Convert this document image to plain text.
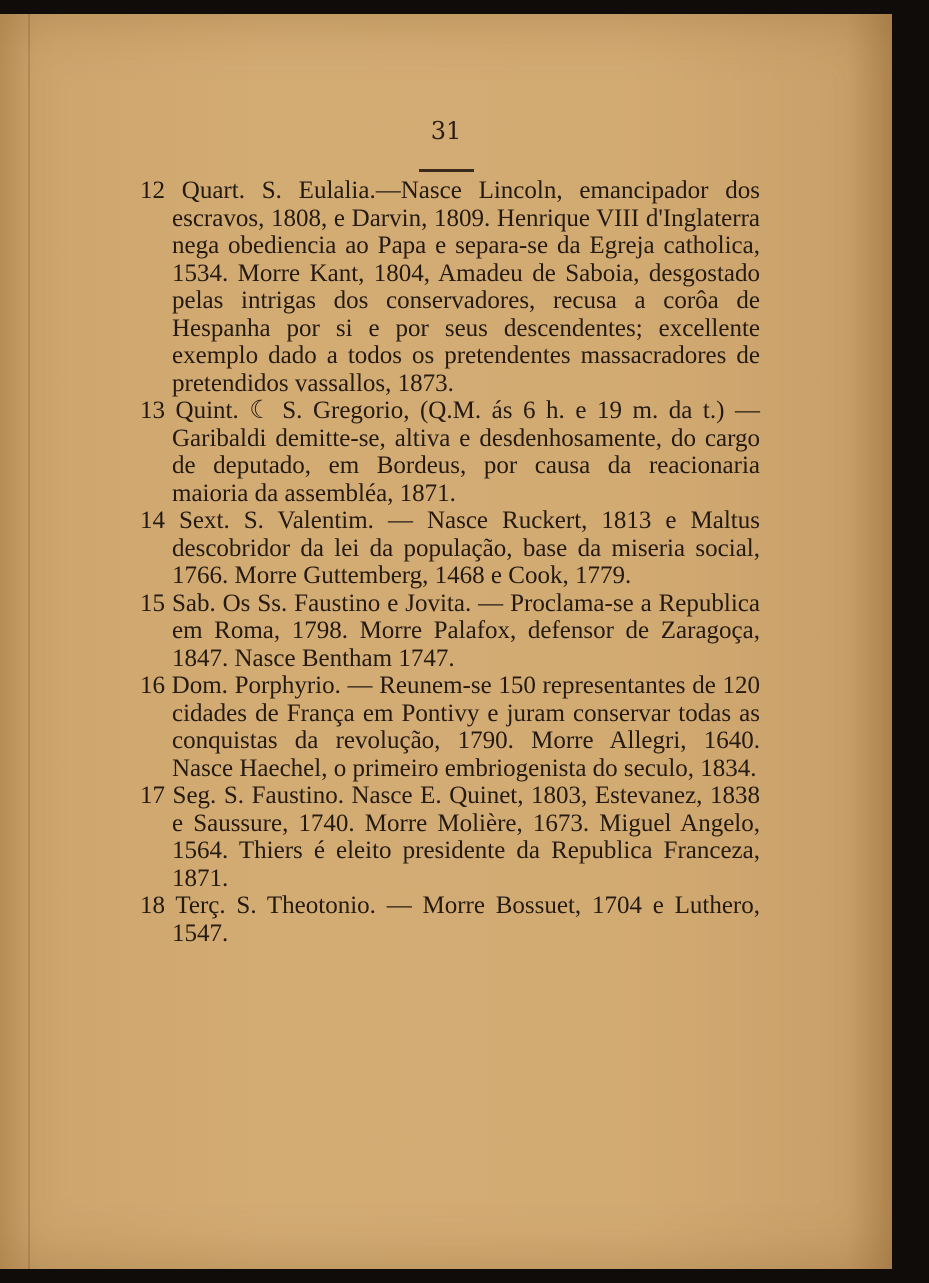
31

12 Quart. S. Eulalia.—Nasce Lincoln, emancipador dos escravos, 1808, e Darvin, 1809. Henrique VIII d'Inglaterra nega obediencia ao Papa e separa-se da Egreja catholica, 1534. Morre Kant, 1804, Amadeu de Saboia, desgostado pelas intrigas dos conservadores, recusa a corôa de Hespanha por si e por seus descendentes; excellente exemplo dado a todos os pretendentes massacradores de pretendidos vassallos, 1873.

13 Quint. ☾ S. Gregorio, (Q.M. ás 6 h. e 19 m. da t.) — Garibaldi demitte-se, altiva e desdenhosamente, do cargo de deputado, em Bordeus, por causa da reacionaria maioria da assembléa, 1871.

14 Sext. S. Valentim. — Nasce Ruckert, 1813 e Maltus descobridor da lei da população, base da miseria social, 1766. Morre Guttemberg, 1468 e Cook, 1779.

15 Sab. Os Ss. Faustino e Jovita. — Proclama-se a Republica em Roma, 1798. Morre Palafox, defensor de Zaragoça, 1847. Nasce Bentham 1747.

16 Dom. Porphyrio. — Reunem-se 150 representantes de 120 cidades de França em Pontivy e juram conservar todas as conquistas da revolução, 1790. Morre Allegri, 1640. Nasce Haechel, o primeiro embriogenista do seculo, 1834.

17 Seg. S. Faustino. Nasce E. Quinet, 1803, Estevanez, 1838 e Saussure, 1740. Morre Molière, 1673. Miguel Angelo, 1564. Thiers é eleito presidente da Republica Franceza, 1871.

18 Terç. S. Theotonio. — Morre Bossuet, 1704 e Luthero, 1547.
